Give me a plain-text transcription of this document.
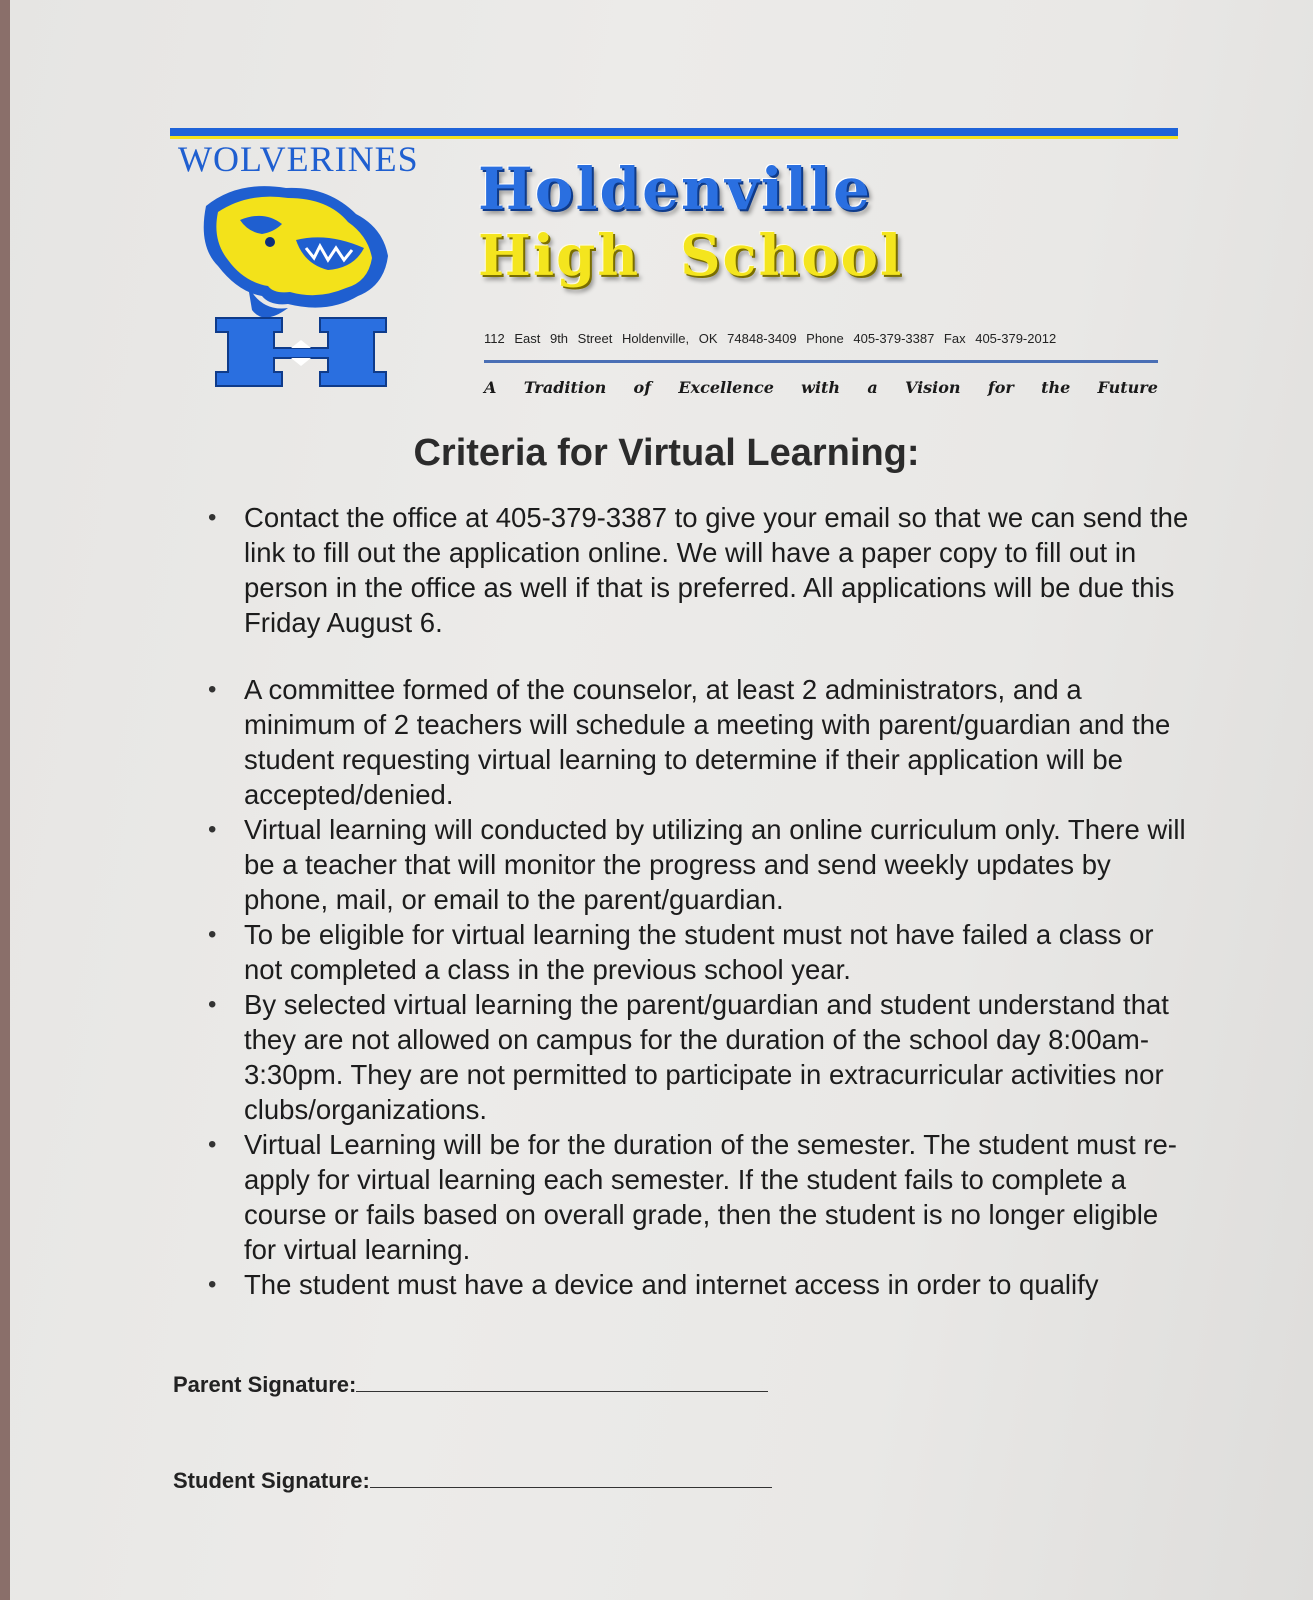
WOLVERINES Holdenville
High School
112 East 9th Street Holdenville, OK 74848-3409 Phone 405-379-3387 Fax 405-379-2012
A Tradition of Excellence with a Vision for the Future
Criteria for Virtual Learning:
• Contact the office at 405-379-3387 to give your email so that we can send the link to fill out the application online. We will have a paper copy to fill out in person in the office as well if that is preferred. All applications will be due this Friday August 6.
• A committee formed of the counselor, at least 2 administrators, and a minimum of 2 teachers will schedule a meeting with parent/guardian and the student requesting virtual learning to determine if their application will be accepted/denied.
• Virtual learning will conducted by utilizing an online curriculum only. There will be a teacher that will monitor the progress and send weekly updates by phone, mail, or email to the parent/guardian.
• To be eligible for virtual learning the student must not have failed a class or not completed a class in the previous school year.
• By selected virtual learning the parent/guardian and student understand that they are not allowed on campus for the duration of the school day 8:00am-3:30pm. They are not permitted to participate in extracurricular activities nor clubs/organizations.
• Virtual Learning will be for the duration of the semester. The student must re-apply for virtual learning each semester. If the student fails to complete a course or fails based on overall grade, then the student is no longer eligible for virtual learning.
• The student must have a device and internet access in order to qualify
Parent Signature:
Student Signature:
